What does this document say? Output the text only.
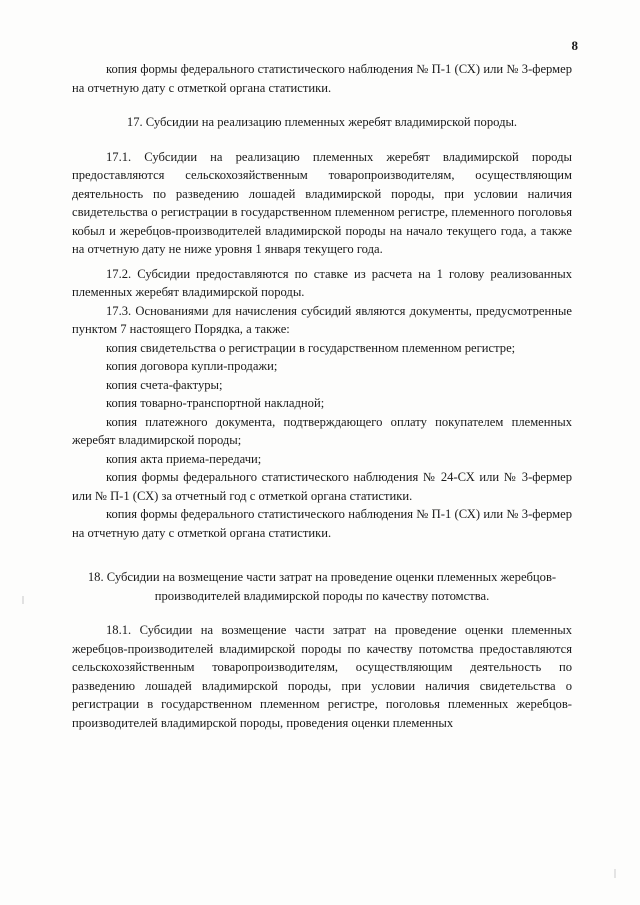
8

копия формы федерального статистического наблюдения № П-1 (СХ) или № 3-фермер на отчетную дату с отметкой органа статистики.

17. Субсидии на реализацию племенных жеребят владимирской породы.

17.1. Субсидии на реализацию племенных жеребят владимирской породы предоставляются сельскохозяйственным товаропроизводителям, осуществляющим деятельность по разведению лошадей владимирской породы, при условии наличия свидетельства о регистрации в государственном племенном регистре, племенного поголовья кобыл и жеребцов-производителей владимирской породы на начало текущего года, а также на отчетную дату не ниже уровня 1 января текущего года.

17.2. Субсидии предоставляются по ставке из расчета на 1 голову реализованных племенных жеребят владимирской породы.

17.3. Основаниями для начисления субсидий являются документы, предусмотренные пунктом 7 настоящего Порядка, а также:

копия свидетельства о регистрации в государственном племенном регистре;

копия договора купли-продажи;

копия счета-фактуры;

копия товарно-транспортной накладной;

копия платежного документа, подтверждающего оплату покупателем племенных жеребят владимирской породы;

копия акта приема-передачи;

копия формы федерального статистического наблюдения № 24-СХ или № 3-фермер или № П-1 (СХ) за отчетный год с отметкой органа статистики.

копия формы федерального статистического наблюдения № П-1 (СХ) или № 3-фермер на отчетную дату с отметкой органа статистики.

18. Субсидии на возмещение части затрат на проведение оценки племенных жеребцов-производителей владимирской породы по качеству потомства.

18.1. Субсидии на возмещение части затрат на проведение оценки племенных жеребцов-производителей владимирской породы по качеству потомства предоставляются сельскохозяйственным товаропроизводителям, осуществляющим деятельность по разведению лошадей владимирской породы, при условии наличия свидетельства о регистрации в государственном племенном регистре, поголовья племенных жеребцов-производителей владимирской породы, проведения оценки племенных
